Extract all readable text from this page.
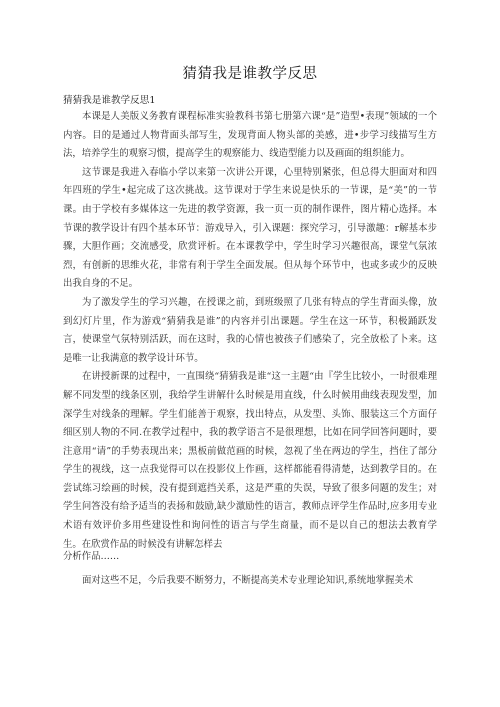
猜猜我是谁教学反思
猜猜我是谁教学反思1

本课是人美版义务教育课程标准实验教科书第七册第六课“是”造型•表现”领域的一个内容。目的是通过人物背面头部写生，发现背面人物头部的美感，进•步学习线描写生方法，培养学生的观察习惯，提高学生的观察能力、线造型能力以及画面的组织能力。

这节课是我进入春临小学以来第一次讲公开课，心里特别紧张，但总得大胆面对和四年四班的学生•起完成了这次挑战。这节课对于学生来说是快乐的一节课，是“美”的一节课。由于学校有多媒体这一先进的教学资源，我一页一页的制作课件，图片精心选择。本节课的教学设计有四个基本环节：游戏导入，引入课题：探究学习，引导激趣：r解基本步骤，大胆作画；交流感受，欣赏评析。在本课教学中，学生时学习兴趣很高，课堂气氛浓烈，有创新的思维火花，非常有利于学生全面发展。但从每个环节中，也或多或少的反映出我自身的不足。

为了激发学生的学习兴趣，在授课之前，到班级照了几张有特点的学生背面头像，放到幻灯片里，作为游戏“猜猜我是谁”的内容并引出课题。学生在这一环节，积极踊跃发言，使课堂气氛特别活跃，而在这时，我的心情也被孩子们感染了，完全放松了卜来。这是唯一让我满意的教学设计环节。

在讲授新课的过程中，一直围绕“猜猜我是谁“这一主题“由『学生比较小，一时很难理解不同发型的线条区别，我给学生讲解什么时候是用直线，什么时候用曲线表现发型，加深学生对线条的理解。学生们能善于观察，找出特点，从发型、头饰、服装这三个方面仔细区别人物的不同.在教学过程中，我的教学语言不是很理想，比如在同学回答问题时，要注意用“请”的手势表现出来；黑板前做范画的时候，忽视了坐在两边的学生，挡住了部分学生的视线，这一点我觉得可以在投影仪上作画，这样都能看得清楚，达到教学目的。在尝试练习绘画的时候，没有提到遮挡关系，这是严重的失误，导致了很多问题的发生；对学生问答没有给予适当的表扬和鼓励,缺少激励性的语言，教师点评学生作品时,应多用专业术语有效评价多用些建设性和询问性的语言与学生商量，而不是以自己的想法去教育学生。在欣赏作品的时候没有讲解怎样去

分析作品……

面对这些不足，今后我要不断努力，不断提高美术专业理论知识,系统地掌握美术
